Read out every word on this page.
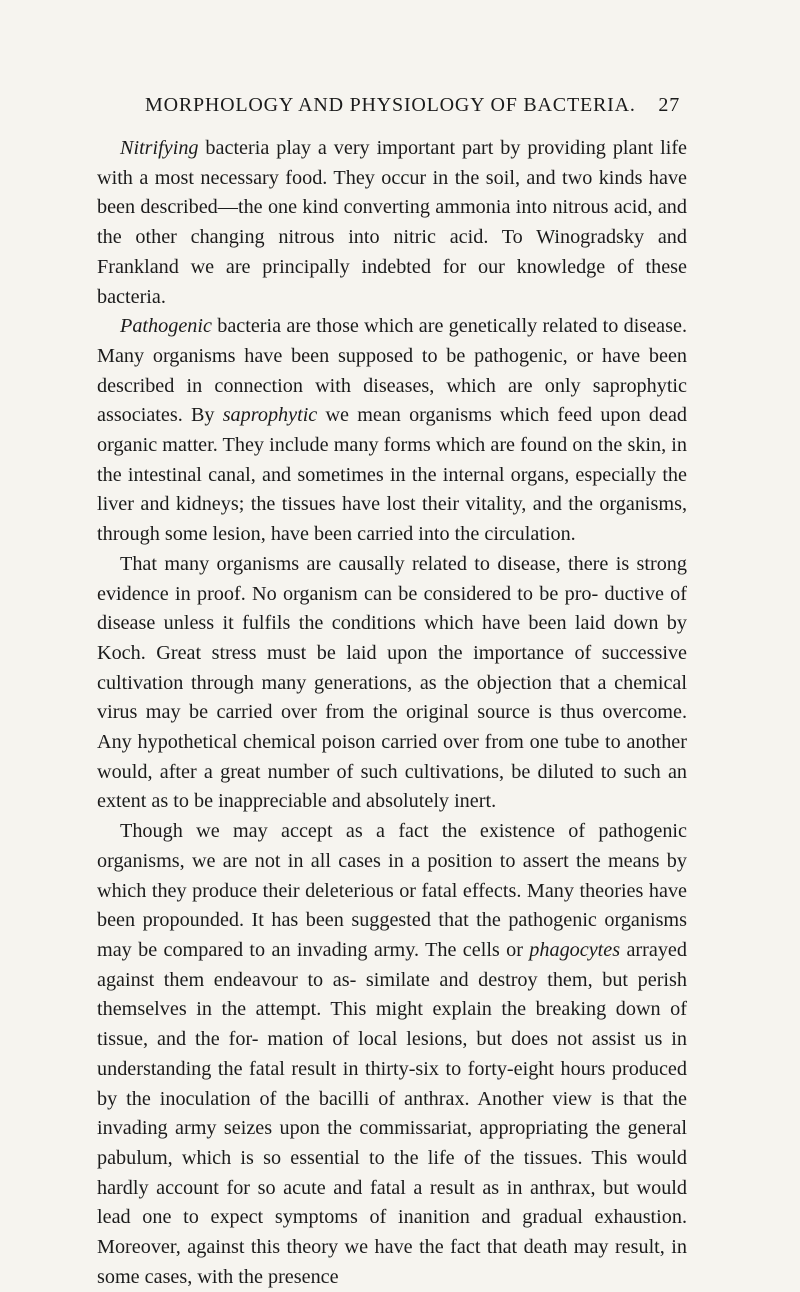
MORPHOLOGY AND PHYSIOLOGY OF BACTERIA. 27

Nitrifying bacteria play a very important part by providing plant life with a most necessary food. They occur in the soil, and two kinds have been described—the one kind converting ammonia into nitrous acid, and the other changing nitrous into nitric acid. To Winogradsky and Frankland we are principally indebted for our knowledge of these bacteria.

Pathogenic bacteria are those which are genetically related to disease. Many organisms have been supposed to be pathogenic, or have been described in connection with diseases, which are only saprophytic associates. By saprophytic we mean organisms which feed upon dead organic matter. They include many forms which are found on the skin, in the intestinal canal, and sometimes in the internal organs, especially the liver and kidneys; the tissues have lost their vitality, and the organisms, through some lesion, have been carried into the circulation.

That many organisms are causally related to disease, there is strong evidence in proof. No organism can be considered to be pro- ductive of disease unless it fulfils the conditions which have been laid down by Koch. Great stress must be laid upon the importance of successive cultivation through many generations, as the objection that a chemical virus may be carried over from the original source is thus overcome. Any hypothetical chemical poison carried over from one tube to another would, after a great number of such cultivations, be diluted to such an extent as to be inappreciable and absolutely inert.

Though we may accept as a fact the existence of pathogenic organisms, we are not in all cases in a position to assert the means by which they produce their deleterious or fatal effects. Many theories have been propounded. It has been suggested that the pathogenic organisms may be compared to an invading army. The cells or phagocytes arrayed against them endeavour to as- similate and destroy them, but perish themselves in the attempt. This might explain the breaking down of tissue, and the for- mation of local lesions, but does not assist us in understanding the fatal result in thirty-six to forty-eight hours produced by the inoculation of the bacilli of anthrax. Another view is that the invading army seizes upon the commissariat, appropriating the general pabulum, which is so essential to the life of the tissues. This would hardly account for so acute and fatal a result as in anthrax, but would lead one to expect symptoms of inanition and gradual exhaustion. Moreover, against this theory we have the fact that death may result, in some cases, with the presence
